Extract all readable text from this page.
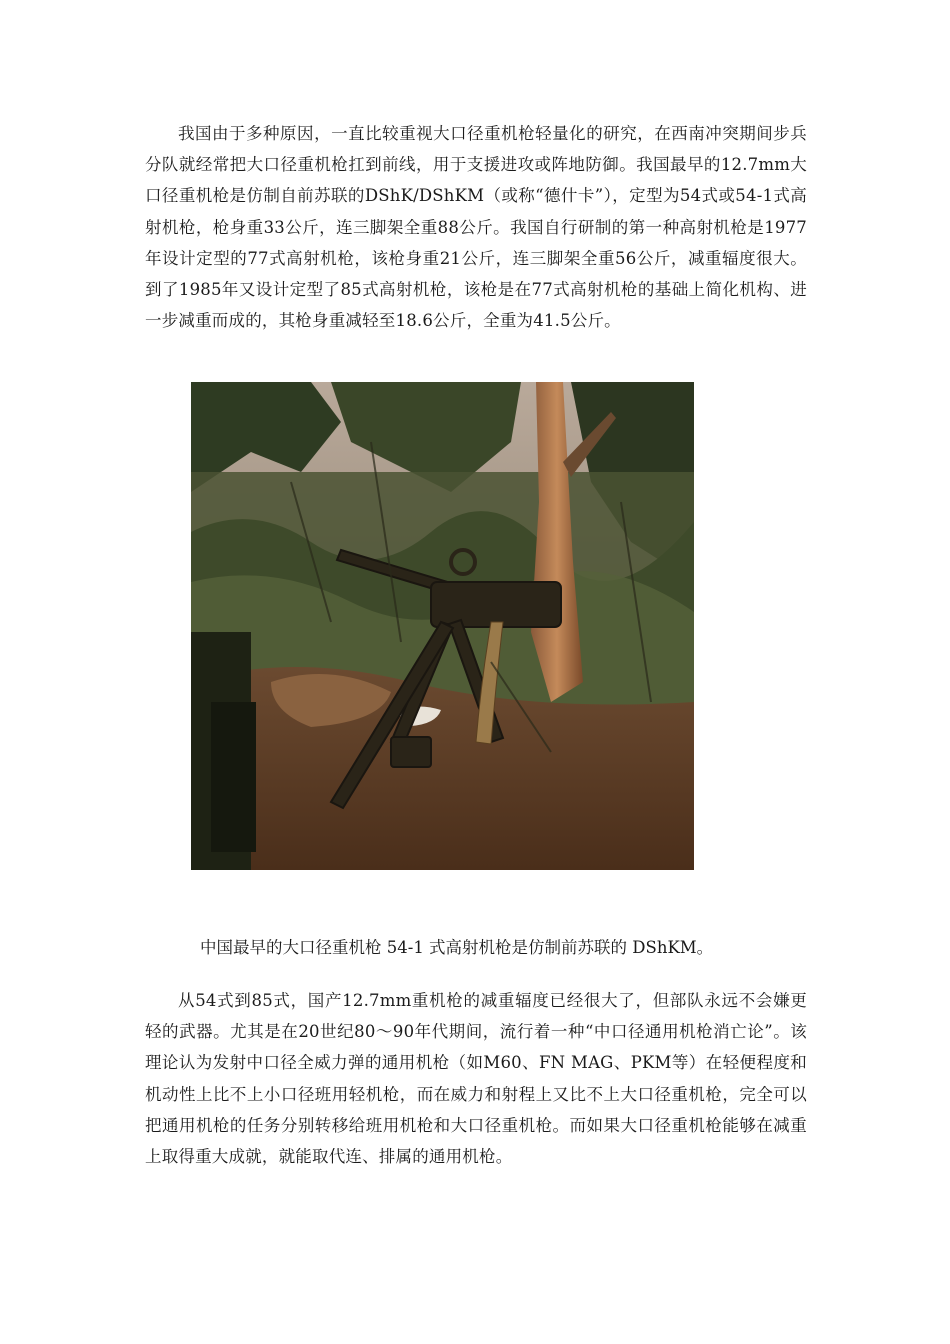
我国由于多种原因，一直比较重视大口径重机枪轻量化的研究，在西南冲突期间步兵分队就经常把大口径重机枪扛到前线，用于支援进攻或阵地防御。我国最早的12.7mm大口径重机枪是仿制自前苏联的DShK/DShKM（或称“德什卡”），定型为54式或54-1式高射机枪，枪身重33公斤，连三脚架全重88公斤。我国自行研制的第一种高射机枪是1977年设计定型的77式高射机枪，该枪身重21公斤，连三脚架全重56公斤，减重辐度很大。到了1985年又设计定型了85式高射机枪，该枪是在77式高射机枪的基础上简化机构、进一步减重而成的，其枪身重减轻至18.6公斤，全重为41.5公斤。

中国最早的大口径重机枪 54-1 式高射机枪是仿制前苏联的 DShKM。

从54式到85式，国产12.7mm重机枪的减重辐度已经很大了，但部队永远不会嫌更轻的武器。尤其是在20世纪80～90年代期间，流行着一种“中口径通用机枪消亡论”。该理论认为发射中口径全威力弹的通用机枪（如M60、FN MAG、PKM等）在轻便程度和机动性上比不上小口径班用轻机枪，而在威力和射程上又比不上大口径重机枪，完全可以把通用机枪的任务分别转移给班用机枪和大口径重机枪。而如果大口径重机枪能够在减重上取得重大成就，就能取代连、排属的通用机枪。
